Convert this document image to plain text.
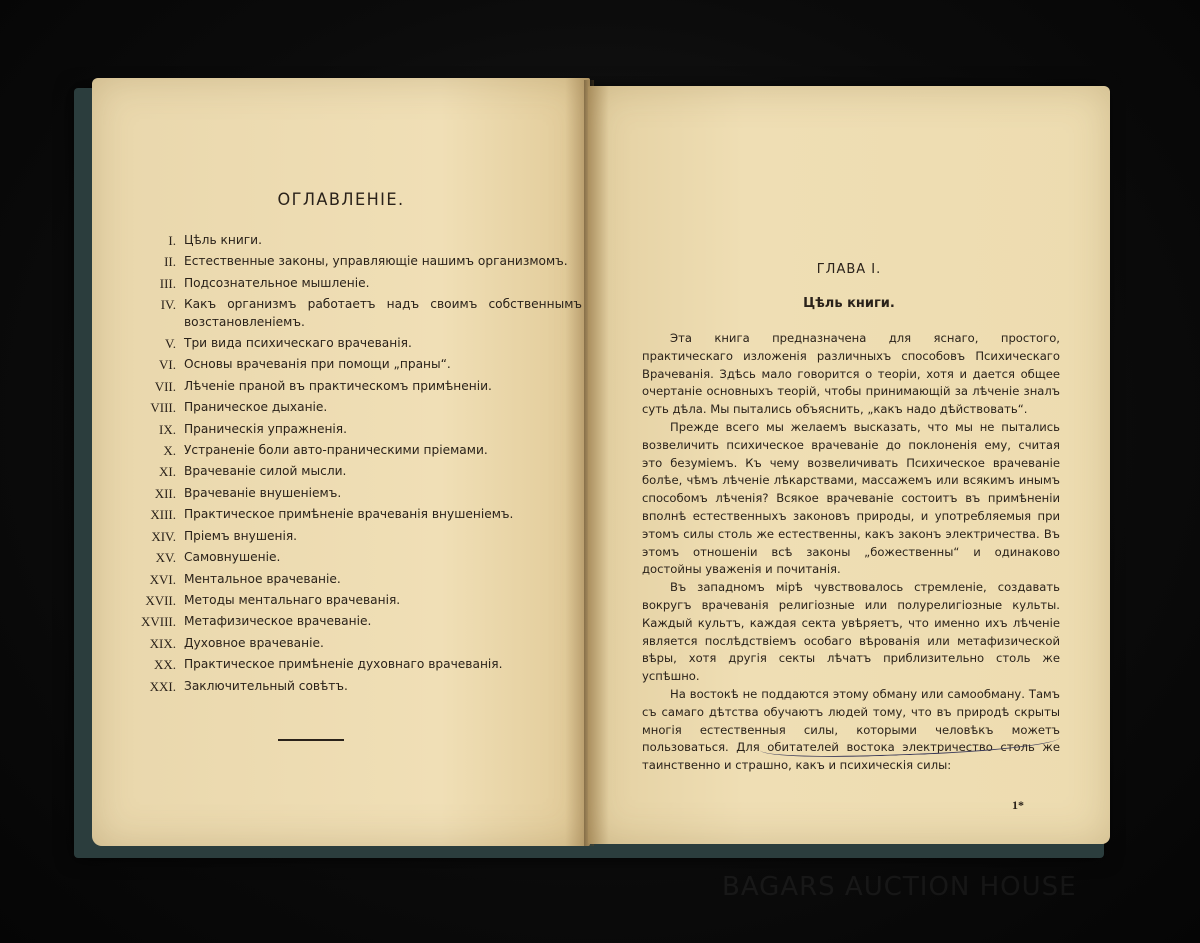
ОГЛАВЛЕНІЕ.
I. Цѣль книги.
II. Естественные законы, управляющіе нашимъ организмомъ.
III. Подсознательное мышленіе.
IV. Какъ организмъ работаетъ надъ своимъ собственнымъ возстановленіемъ.
V. Три вида психическаго врачеванія.
VI. Основы врачеванія при помощи „праны“.
VII. Лѣченіе праной въ практическомъ примѣненіи.
VIII. Праническое дыханіе.
IX. Праническія упражненія.
X. Устраненіе боли авто-праническими пріемами.
XI. Врачеваніе силой мысли.
XII. Врачеваніе внушеніемъ.
XIII. Практическое примѣненіе врачеванія внушеніемъ.
XIV. Пріемъ внушенія.
XV. Самовнушеніе.
XVI. Ментальное врачеваніе.
XVII. Методы ментальнаго врачеванія.
XVIII. Метафизическое врачеваніе.
XIX. Духовное врачеваніе.
XX. Практическое примѣненіе духовнаго врачеванія.
XXI. Заключительный совѣтъ.
ГЛАВА I.
Цѣль книги.

Эта книга предназначена для яснаго, простого, практическаго изложенія различныхъ способовъ Психическаго Врачеванія. Здѣсь мало говорится о теоріи, хотя и дается общее очертаніе основныхъ теорій, чтобы принимающій за лѣченіе зналъ суть дѣла. Мы пытались объяснить, „какъ надо дѣйствовать“.

Прежде всего мы желаемъ высказать, что мы не пытались возвеличить психическое врачеваніе до поклоненія ему, считая это безуміемъ. Къ чему возвеличивать Психическое врачеваніе болѣе, чѣмъ лѣченіе лѣкарствами, массажемъ или всякимъ инымъ способомъ лѣченія? Всякое врачеваніе состоитъ въ примѣненіи вполнѣ естественныхъ законовъ природы, и употребляемыя при этомъ силы столь же естественны, какъ законъ электричества. Въ этомъ отношеніи всѣ законы „божественны“ и одинаково достойны уваженія и почитанія.

Въ западномъ мірѣ чувствовалось стремленіе, создавать вокругъ врачеванія религіозные или полурелигіозные культы. Каждый культъ, каждая секта увѣряетъ, что именно ихъ лѣченіе является послѣдствіемъ особаго вѣрованія или метафизической вѣры, хотя другія секты лѣчатъ приблизительно столь же успѣшно.

На востокѣ не поддаются этому обману или самообману. Тамъ съ самаго дѣтства обучаютъ людей тому, что въ природѣ скрыты многія естественныя силы, которыми человѣкъ можетъ пользоваться. Для обитателей востока электричество столь же таинственно и страшно, какъ и психическія силы:

1*
BAGARS AUCTION HOUSE
